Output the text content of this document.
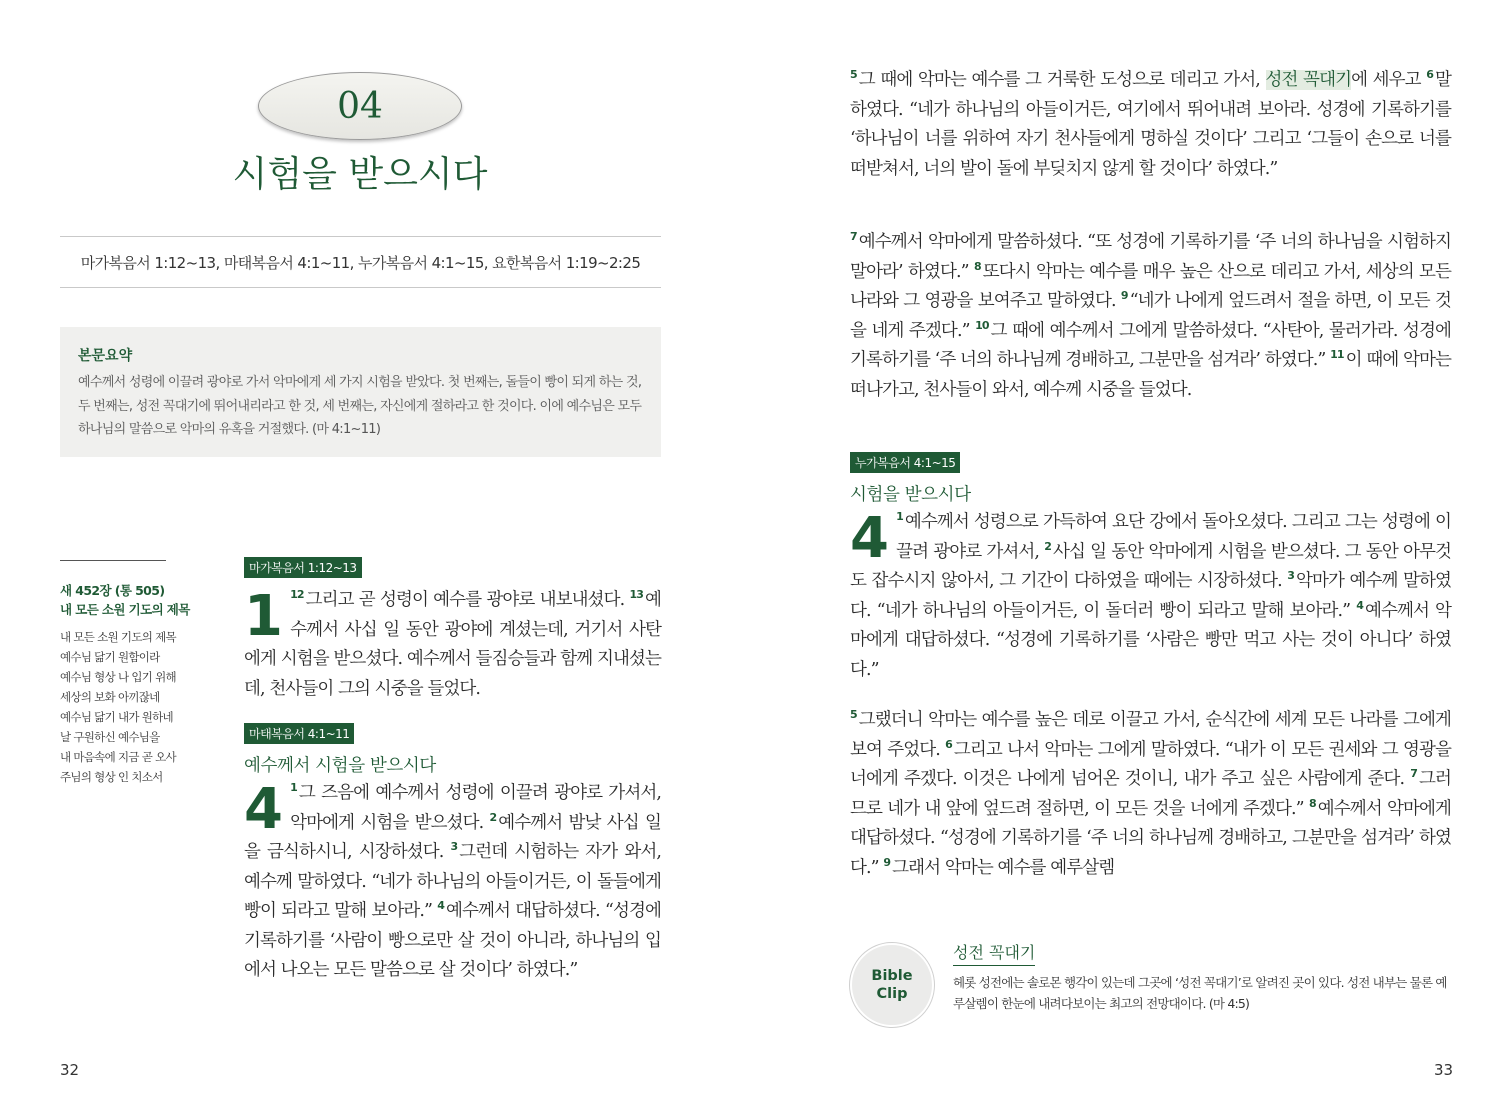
04
시험을 받으시다
마가복음서 1:12~13, 마태복음서 4:1~11, 누가복음서 4:1~15, 요한복음서 1:19~2:25
본문요약
예수께서 성령에 이끌려 광야로 가서 악마에게 세 가지 시험을 받았다. 첫 번째는, 돌들이 빵이 되게 하는 것, 두 번째는, 성전 꼭대기에 뛰어내리라고 한 것, 세 번째는, 자신에게 절하라고 한 것이다. 이에 예수님은 모두 하나님의 말씀으로 악마의 유혹을 거절했다. (마 4:1~11)
새 452장 (통 505)
내 모든 소원 기도의 제목
내 모든 소원 기도의 제목
예수님 닮기 원함이라
예수님 형상 나 입기 위해
세상의 보화 아끼잖네
예수님 닮기 내가 원하네
날 구원하신 예수님을
내 마음속에 지금 곧 오사
주님의 형상 인 치소서
마가복음서 1:12~13
1 $^{12}$ 그리고 곧 성령이 예수를 광야로 내보내셨다. $^{13}$ 예수께서 사십 일 동안 광야에 계셨는데, 거기서 사탄에게 시험을 받으셨다. 예수께서 들짐승들과 함께 지내셨는데, 천사들이 그의 시중을 들었다.
마태복음서 4:1~11
예수께서 시험을 받으시다
4 $^1$ 그 즈음에 예수께서 성령에 이끌려 광야로 가셔서, 악마에게 시험을 받으셨다. $^2$ 예수께서 밤낮 사십 일을 금식하시니, 시장하셨다. $^3$ 그런데 시험하는 자가 와서, 예수께 말하였다. “네가 하나님의 아들이거든, 이 돌들에게 빵이 되라고 말해 보아라.” $^4$ 예수께서 대답하셨다. “성경에 기록하기를 ‘사람이 빵으로만 살 것이 아니라, 하나님의 입에서 나오는 모든 말씀으로 살 것이다’ 하였다.”
32
$^5$ 그 때에 악마는 예수를 그 거룩한 도성으로 데리고 가서, 성전 꼭대기에 세우고 $^6$ 말하였다. “네가 하나님의 아들이거든, 여기에서 뛰어내려 보아라. 성경에 기록하기를 ‘하나님이 너를 위하여 자기 천사들에게 명하실 것이다’ 그리고 ‘그들이 손으로 너를 떠받쳐서, 너의 발이 돌에 부딪치지 않게 할 것이다’ 하였다.”
$^7$ 예수께서 악마에게 말씀하셨다. “또 성경에 기록하기를 ‘주 너의 하나님을 시험하지 말아라’ 하였다.” $^8$ 또다시 악마는 예수를 매우 높은 산으로 데리고 가서, 세상의 모든 나라와 그 영광을 보여주고 말하였다. $^9$ “네가 나에게 엎드려서 절을 하면, 이 모든 것을 네게 주겠다.” $^{10}$ 그 때에 예수께서 그에게 말씀하셨다. “사탄아, 물러가라. 성경에 기록하기를 ‘주 너의 하나님께 경배하고, 그분만을 섬겨라’ 하였다.” $^{11}$ 이 때에 악마는 떠나가고, 천사들이 와서, 예수께 시중을 들었다.
누가복음서 4:1~15
시험을 받으시다
4 $^1$ 예수께서 성령으로 가득하여 요단 강에서 돌아오셨다. 그리고 그는 성령에 이끌려 광야로 가셔서, $^2$ 사십 일 동안 악마에게 시험을 받으셨다. 그 동안 아무것도 잡수시지 않아서, 그 기간이 다하였을 때에는 시장하셨다. $^3$ 악마가 예수께 말하였다. “네가 하나님의 아들이거든, 이 돌더러 빵이 되라고 말해 보아라.” $^4$ 예수께서 악마에게 대답하셨다. “성경에 기록하기를 ‘사람은 빵만 먹고 사는 것이 아니다’ 하였다.”
$^5$ 그랬더니 악마는 예수를 높은 데로 이끌고 가서, 순식간에 세계 모든 나라를 그에게 보여 주었다. $^6$ 그리고 나서 악마는 그에게 말하였다. “내가 이 모든 권세와 그 영광을 너에게 주겠다. 이것은 나에게 넘어온 것이니, 내가 주고 싶은 사람에게 준다. $^7$ 그러므로 네가 내 앞에 엎드려 절하면, 이 모든 것을 너에게 주겠다.” $^8$ 예수께서 악마에게 대답하셨다. “성경에 기록하기를 ‘주 너의 하나님께 경배하고, 그분만을 섬겨라’ 하였다.” $^9$ 그래서 악마는 예수를 예루살렘
Bible
Clip
성전 꼭대기
헤롯 성전에는 솔로몬 행각이 있는데 그곳에 ‘성전 꼭대기’로 알려진 곳이 있다. 성전 내부는 물론 예루살렘이 한눈에 내려다보이는 최고의 전망대이다. (마 4:5)
33
